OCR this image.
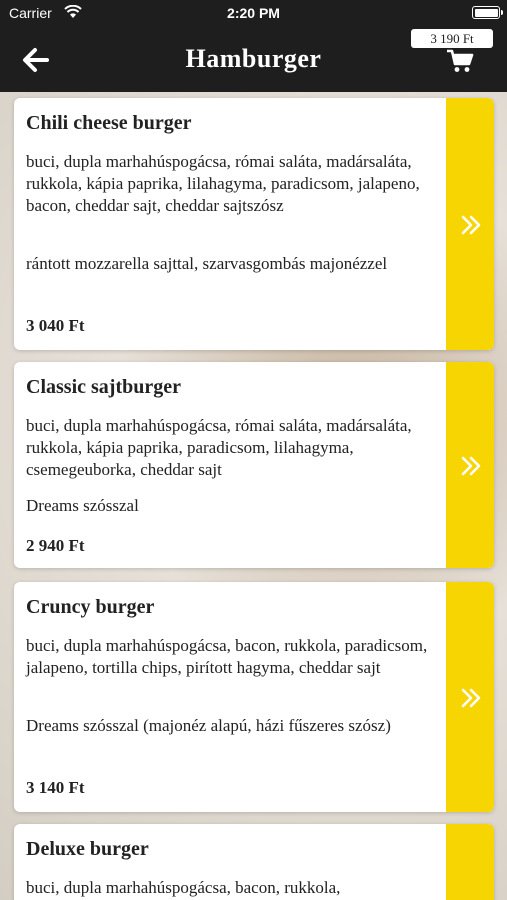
Carrier	2:20 PM
Hamburger
3 190 Ft
Chili cheese burger
buci, dupla marhahúspogácsa, római saláta, madársaláta, rukkola, kápia paprika, lilahagyma, paradicsom, jalapeno, bacon, cheddar sajt, cheddar sajtszósz
rántott mozzarella sajttal, szarvasgombás majonézzel
3 040 Ft
Classic sajtburger
buci, dupla marhahúspogácsa, római saláta, madársaláta, rukkola, kápia paprika, paradicsom, lilahagyma, csemegeuborka, cheddar sajt
Dreams szósszal
2 940 Ft
Cruncy burger
buci, dupla marhahúspogácsa, bacon, rukkola, paradicsom, jalapeno, tortilla chips, pirított hagyma, cheddar sajt
Dreams szósszal (majonéz alapú, házi fűszeres szósz)
3 140 Ft
Deluxe burger
buci, dupla marhahúspogácsa, bacon, rukkola,
